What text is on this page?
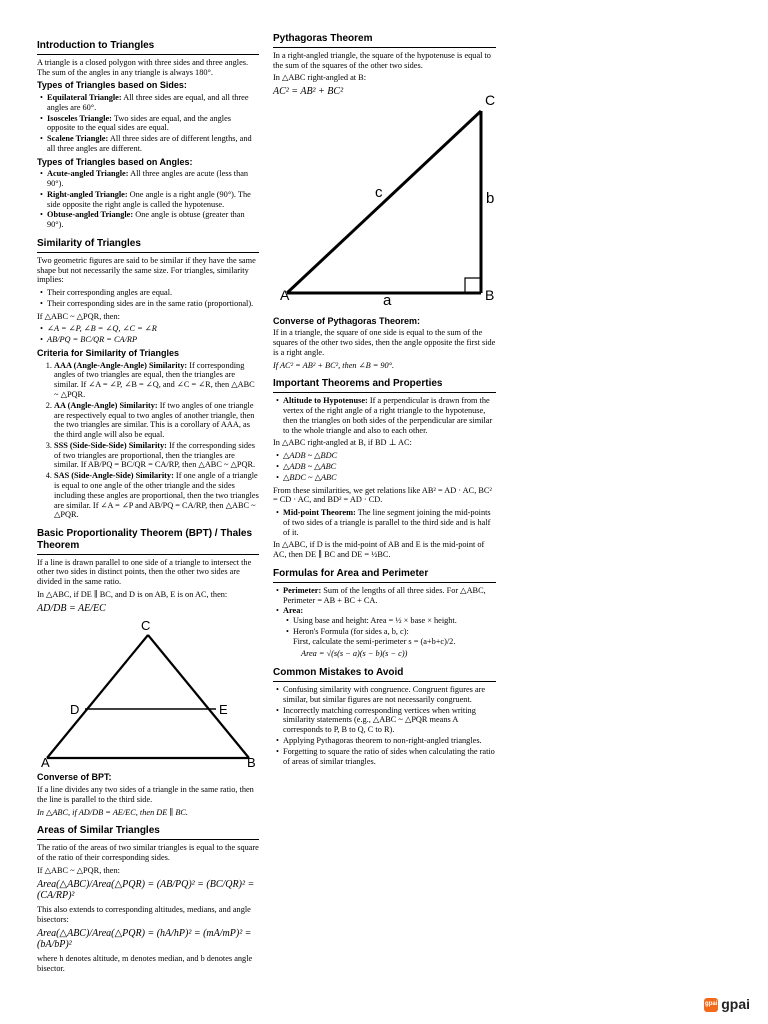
Introduction to Triangles

A triangle is a closed polygon with three sides and three angles. The sum of the angles in any triangle is always 180°.

Types of Triangles based on Sides:
• Equilateral Triangle: All three sides are equal, and all three angles are 60°.
• Isosceles Triangle: Two sides are equal, and the angles opposite to the equal sides are equal.
• Scalene Triangle: All three sides are of different lengths, and all three angles are different.
Types of Triangles based on Angles:
• Acute-angled Triangle: All three angles are acute (less than 90°).
• Right-angled Triangle: One angle is a right angle (90°). The side opposite the right angle is called the hypotenuse.
• Obtuse-angled Triangle: One angle is obtuse (greater than 90°).
Similarity of Triangles

Two geometric figures are said to be similar if they have the same shape but not necessarily the same size. For triangles, similarity implies:

• Their corresponding angles are equal.
• Their corresponding sides are in the same ratio (proportional).

If △ABC ~ △PQR, then:

• ∠A = ∠P, ∠B = ∠Q, ∠C = ∠R
• AB/PQ = BC/QR = CA/RP
Criteria for Similarity of Triangles
1. AAA (Angle-Angle-Angle) Similarity: If corresponding angles of two triangles are equal, then the triangles are similar. If ∠A = ∠P, ∠B = ∠Q, and ∠C = ∠R, then △ABC ~ △PQR.
2. AA (Angle-Angle) Similarity: If two angles of one triangle are respectively equal to two angles of another triangle, then the two triangles are similar. This is a corollary of AAA, as the third angle will also be equal.
3. SSS (Side-Side-Side) Similarity: If the corresponding sides of two triangles are proportional, then the triangles are similar. If AB/PQ = BC/QR = CA/RP, then △ABC ~ △PQR.
4. SAS (Side-Angle-Side) Similarity: If one angle of a triangle is equal to one angle of the other triangle and the sides including these angles are proportional, then the two triangles are similar. If ∠A = ∠P and AB/PQ = CA/RP, then △ABC ~ △PQR.
Basic Proportionality Theorem (BPT) / Thales Theorem

If a line is drawn parallel to one side of a triangle to intersect the other two sides in distinct points, then the other two sides are divided in the same ratio.

In △ABC, if DE ∥ BC, and D is on AB, E is on AC, then:

AD/DB = AE/EC
C
D	E
A	B
Converse of BPT:

If a line divides any two sides of a triangle in the same ratio, then the line is parallel to the third side.

In △ABC, if AD/DB = AE/EC, then DE ∥ BC.

Areas of Similar Triangles

The ratio of the areas of two similar triangles is equal to the square of the ratio of their corresponding sides.

If △ABC ~ △PQR, then:

Area(△ABC)/Area(△PQR) = (AB/PQ)² = (BC/QR)² = (CA/RP)²

This also extends to corresponding altitudes, medians, and angle bisectors:

Area(△ABC)/Area(△PQR) = (hA/hP)² = (mA/mP)² = (bA/bP)²

where h denotes altitude, m denotes median, and b denotes angle bisector.

Pythagoras Theorem

In a right-angled triangle, the square of the hypotenuse is equal to the sum of the squares of the other two sides.

In △ABC right-angled at B:

AC² = AB² + BC²
C
b
c
A	a	B
Converse of Pythagoras Theorem:

If in a triangle, the square of one side is equal to the sum of the squares of the other two sides, then the angle opposite the first side is a right angle.

If AC² = AB² + BC², then ∠B = 90°.

Important Theorems and Properties
• Altitude to Hypotenuse: If a perpendicular is drawn from the vertex of the right angle of a right triangle to the hypotenuse, then the triangles on both sides of the perpendicular are similar to the whole triangle and also to each other.

In △ABC right-angled at B, if BD ⊥ AC:

• △ADB ~ △BDC
• △ADB ~ △ABC
• △BDC ~ △ABC

From these similarities, we get relations like AB² = AD · AC, BC² = CD · AC, and BD² = AD · CD.

• Mid-point Theorem: The line segment joining the mid-points of two sides of a triangle is parallel to the third side and is half of it.

In △ABC, if D is the mid-point of AB and E is the mid-point of AC, then DE ∥ BC and DE = ½BC.

Formulas for Area and Perimeter
• Perimeter: Sum of the lengths of all three sides. For △ABC, Perimeter = AB + BC + CA.
• Area:
• Using base and height: Area = ½ × base × height.
• Heron's Formula (for sides a, b, c):
First, calculate the semi-perimeter s = (a+b+c)/2.
Area = √(s(s − a)(s − b)(s − c))
Common Mistakes to Avoid
• Confusing similarity with congruence. Congruent figures are similar, but similar figures are not necessarily congruent.
• Incorrectly matching corresponding vertices when writing similarity statements (e.g., △ABC ~ △PQR means A corresponds to P, B to Q, C to R).
• Applying Pythagoras theorem to non-right-angled triangles.
• Forgetting to square the ratio of sides when calculating the ratio of areas of similar triangles.
gpai gpai
